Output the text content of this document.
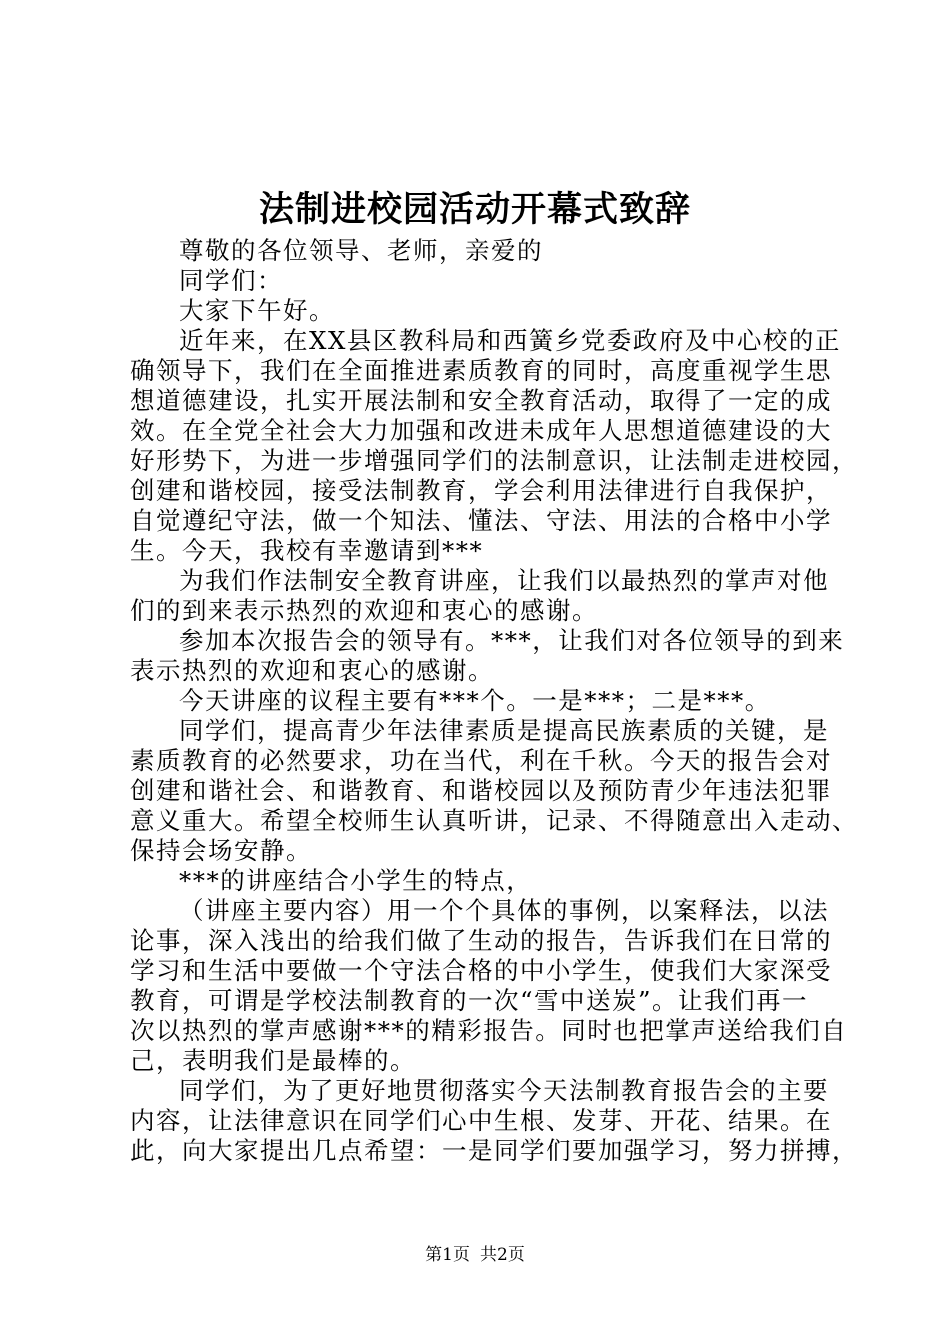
法制进校园活动开幕式致辞
尊敬的各位领导、老师，亲爱的
同学们：
大家下午好。
近年来，在XX县区教科局和西簧乡党委政府及中心校的正
确领导下，我们在全面推进素质教育的同时，高度重视学生思
想道德建设，扎实开展法制和安全教育活动，取得了一定的成
效。在全党全社会大力加强和改进未成年人思想道德建设的大
好形势下，为进一步增强同学们的法制意识，让法制走进校园，
创建和谐校园，接受法制教育，学会利用法律进行自我保护，
自觉遵纪守法，做一个知法、懂法、守法、用法的合格中小学
生。今天，我校有幸邀请到***
为我们作法制安全教育讲座，让我们以最热烈的掌声对他
们的到来表示热烈的欢迎和衷心的感谢。
参加本次报告会的领导有。***，让我们对各位领导的到来
表示热烈的欢迎和衷心的感谢。
今天讲座的议程主要有***个。一是***；二是***。
同学们，提高青少年法律素质是提高民族素质的关键，是
素质教育的必然要求，功在当代，利在千秋。今天的报告会对
创建和谐社会、和谐教育、和谐校园以及预防青少年违法犯罪
意义重大。希望全校师生认真听讲，记录、不得随意出入走动、
保持会场安静。
***的讲座结合小学生的特点，
（讲座主要内容）用一个个具体的事例，以案释法，以法
论事，深入浅出的给我们做了生动的报告，告诉我们在日常的
学习和生活中要做一个守法合格的中小学生，使我们大家深受
教育，可谓是学校法制教育的一次“雪中送炭”。让我们再一
次以热烈的掌声感谢***的精彩报告。同时也把掌声送给我们自
己，表明我们是最棒的。
同学们，为了更好地贯彻落实今天法制教育报告会的主要
内容，让法律意识在同学们心中生根、发芽、开花、结果。在
此，向大家提出几点希望：一是同学们要加强学习，努力拼搏，
第1页 共2页
